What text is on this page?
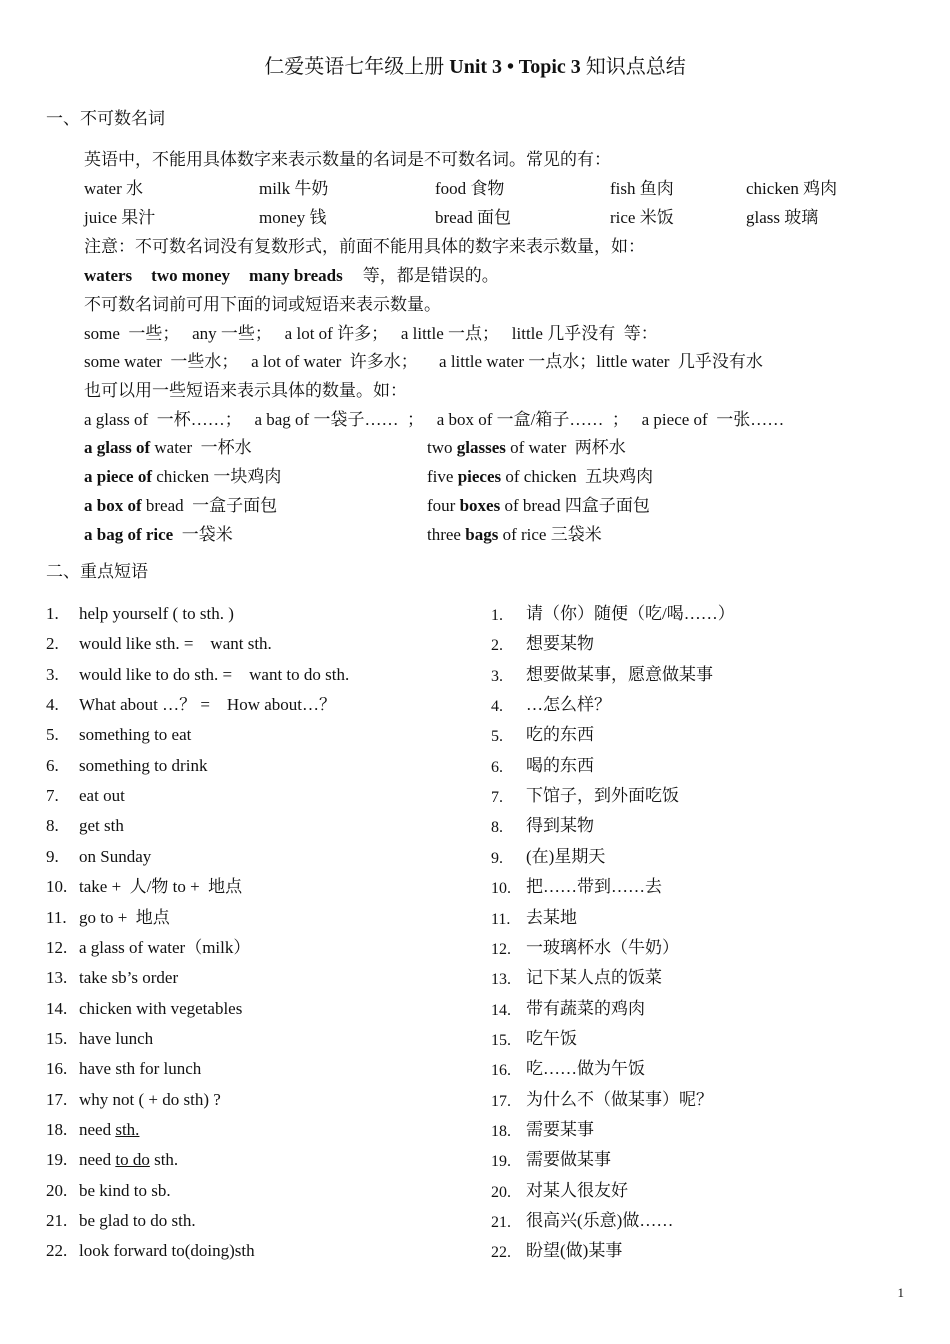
仁爱英语七年级上册 Unit 3 • Topic 3 知识点总结
一、不可数名词
英语中，不能用具体数字来表示数量的名词是不可数名词。常见的有：
water 水	milk 牛奶	food 食物	fish 鱼肉	chicken 鸡肉
juice 果汁	money 钱	bread 面包	rice 米饭	glass 玻璃
注意：不可数名词没有复数形式，前面不能用具体的数字来表示数量，如：
waters two money many breads 等，都是错误的。
不可数名词前可用下面的词或短语来表示数量。
some  一些；   any 一些；   a lot of 许多；   a little 一点；   little 几乎没有  等：
some water  一些水；   a lot of water  许多水；     a little water 一点水；little water  几乎没有水
也可以用一些短语来表示具体的数量。如：
a glass of  一杯……；   a bag of 一袋子……  ；   a box of 一盒/箱子……  ；   a piece of  一张……
a glass of water  一杯水	two glasses of water  两杯水
a piece of chicken 一块鸡肉	five pieces of chicken  五块鸡肉
a box of bread  一盒子面包	four boxes of bread 四盒子面包
a bag of rice  一袋米	three bags of rice 三袋米
二、重点短语
1. help yourself ( to sth. )	1. 请（你）随便（吃/喝……）
2. would like sth. =    want sth.	2. 想要某物
3. would like to do sth. =    want to do sth.	3. 想要做某事，愿意做某事
4. What about …？ =    How about…？	4. …怎么样？
5. something to eat	5. 吃的东西
6. something to drink	6. 喝的东西
7. eat out	7. 下馆子，到外面吃饭
8. get sth	8. 得到某物
9. on Sunday	9. (在)星期天
10. take +  人/物 to +  地点	10. 把……带到……去
11. go to +  地点	11. 去某地
12. a glass of water（milk）	12. 一玻璃杯水（牛奶）
13. take sb’s order	13. 记下某人点的饭菜
14. chicken with vegetables	14. 带有蔬菜的鸡肉
15. have lunch	15. 吃午饭
16. have sth for lunch	16. 吃……做为午饭
17. why not ( + do sth) ?	17. 为什么不（做某事）呢？
18. need sth.	18. 需要某事
19. need to do sth.	19. 需要做某事
20. be kind to sb.	20. 对某人很友好
21. be glad to do sth.	21. 很高兴(乐意)做……
22. look forward to(doing)sth	22. 盼望(做)某事
1
